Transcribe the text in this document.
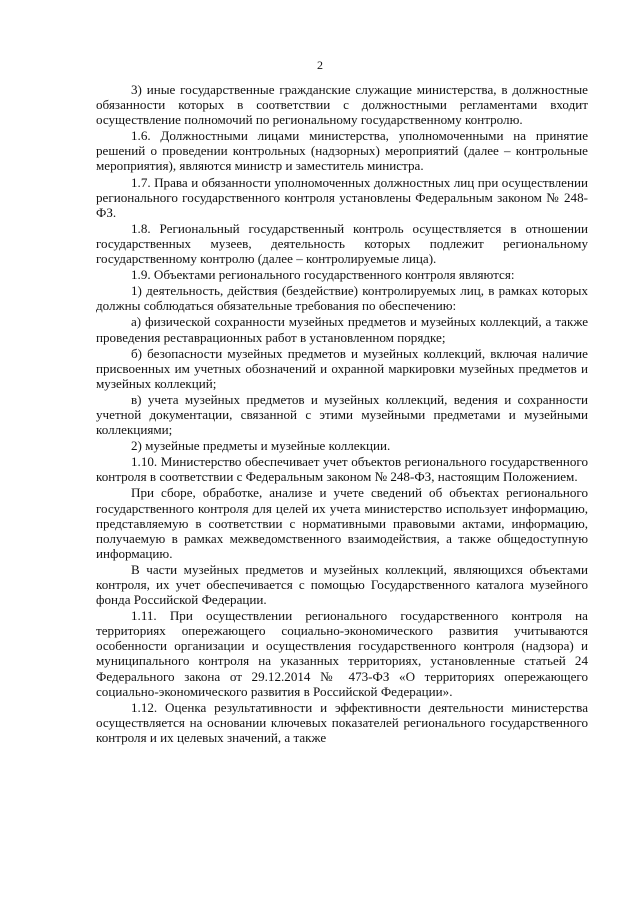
2

3) иные государственные гражданские служащие министерства, в должностные обязанности которых в соответствии с должностными регламентами входит осуществление полномочий по региональному государственному контролю.

1.6. Должностными лицами министерства, уполномоченными на принятие решений о проведении контрольных (надзорных) мероприятий (далее – контрольные мероприятия), являются министр и заместитель министра.

1.7. Права и обязанности уполномоченных должностных лиц при осуществлении регионального государственного контроля установлены Федеральным законом № 248-ФЗ.

1.8. Региональный государственный контроль осуществляется в отношении государственных музеев, деятельность которых подлежит региональному государственному контролю (далее – контролируемые лица).

1.9. Объектами регионального государственного контроля являются:

1) деятельность, действия (бездействие) контролируемых лиц, в рамках которых должны соблюдаться обязательные требования по обеспечению:

а) физической сохранности музейных предметов и музейных коллекций, а также проведения реставрационных работ в установленном порядке;

б) безопасности музейных предметов и музейных коллекций, включая наличие присвоенных им учетных обозначений и охранной маркировки музейных предметов и музейных коллекций;

в) учета музейных предметов и музейных коллекций, ведения и сохранности учетной документации, связанной с этими музейными предметами и музейными коллекциями;

2) музейные предметы и музейные коллекции.

1.10. Министерство обеспечивает учет объектов регионального государственного контроля в соответствии с Федеральным законом № 248-ФЗ, настоящим Положением.

При сборе, обработке, анализе и учете сведений об объектах регионального государственного контроля для целей их учета министерство использует информацию, представляемую в соответствии с нормативными правовыми актами, информацию, получаемую в рамках межведомственного взаимодействия, а также общедоступную информацию.

В части музейных предметов и музейных коллекций, являющихся объектами контроля, их учет обеспечивается с помощью Государственного каталога музейного фонда Российской Федерации.

1.11. При осуществлении регионального государственного контроля на территориях опережающего социально-экономического развития учитываются особенности организации и осуществления государственного контроля (надзора) и муниципального контроля на указанных территориях, установленные статьей 24 Федерального закона от 29.12.2014 № 473-ФЗ «О территориях опережающего социально-экономического развития в Российской Федерации».

1.12. Оценка результативности и эффективности деятельности министерства осуществляется на основании ключевых показателей регионального государственного контроля и их целевых значений, а также
